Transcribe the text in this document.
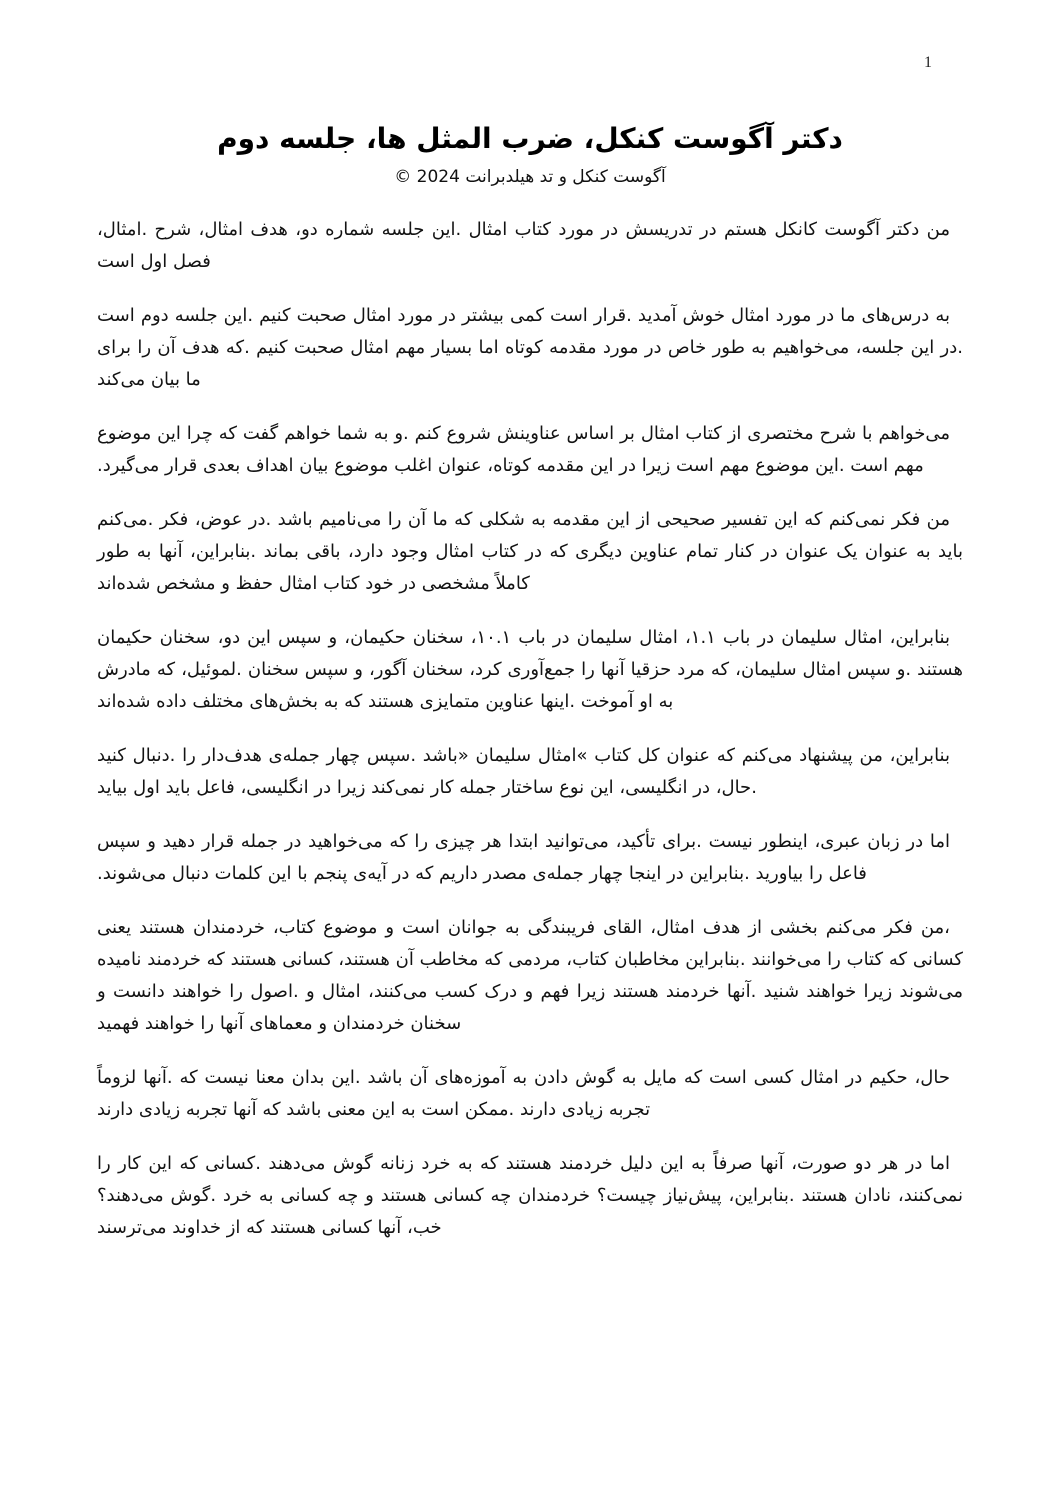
1
دکتر آگوست کنکل، ضرب المثل ها، جلسه دوم
آگوست کنکل و تد هیلدبرانت 2024 ©
من دکتر آگوست کانکل هستم در تدریسش در مورد کتاب امثال .این جلسه شماره دو، هدف امثال، شرح .امثال، فصل اول است
به درس‌های ما در مورد امثال خوش آمدید .قرار است کمی بیشتر در مورد امثال صحبت کنیم .این جلسه دوم است .در این جلسه، می‌خواهیم به طور خاص در مورد مقدمه کوتاه اما بسیار مهم امثال صحبت کنیم .که هدف آن را برای ما بیان می‌کند
می‌خواهم با شرح مختصری از کتاب امثال بر اساس عناوینش شروع کنم .و به شما خواهم گفت که چرا این موضوع مهم است .این موضوع مهم است زیرا در این مقدمه کوتاه، عنوان اغلب موضوع بیان اهداف بعدی قرار می‌گیرد.
من فکر نمی‌کنم که این تفسیر صحیحی از این مقدمه به شکلی که ما آن را می‌نامیم باشد .در عوض، فکر .می‌کنم باید به عنوان یک عنوان در کنار تمام عناوین دیگری که در کتاب امثال وجود دارد، باقی بماند .بنابراین، آنها به طور کاملاً مشخصی در خود کتاب امثال حفظ و مشخص شده‌اند
بنابراین، امثال سلیمان در باب ۱.۱، امثال سلیمان در باب ۱۰.۱، سخنان حکیمان، و سپس این دو، سخنان حکیمان هستند .و سپس امثال سلیمان، که مرد حزقیا آنها را جمع‌آوری کرد، سخنان آگور، و سپس سخنان .لموئیل، که مادرش به او آموخت .اینها عناوین متمایزی هستند که به بخش‌های مختلف داده شده‌اند
بنابراین، من پیشنهاد می‌کنم که عنوان کل کتاب »امثال سلیمان «باشد .سپس چهار جمله‌ی هدف‌دار را .دنبال کنید .حال، در انگلیسی، این نوع ساختار جمله کار نمی‌کند زیرا در انگلیسی، فاعل باید اول بیاید
اما در زبان عبری، اینطور نیست .برای تأکید، می‌توانید ابتدا هر چیزی را که می‌خواهید در جمله قرار دهید و سپس فاعل را بیاورید .بنابراین در اینجا چهار جمله‌ی مصدر داریم که در آیه‌ی پنجم با این کلمات دنبال می‌شوند.
،من فکر می‌کنم بخشی از هدف امثال، القای فریبندگی به جوانان است و موضوع کتاب، خردمندان هستند یعنی کسانی که کتاب را می‌خوانند .بنابراین مخاطبان کتاب، مردمی که مخاطب آن هستند، کسانی هستند که خردمند نامیده می‌شوند زیرا خواهند شنید .آنها خردمند هستند زیرا فهم و درک کسب می‌کنند، امثال و .اصول را خواهند دانست و سخنان خردمندان و معماهای آنها را خواهند فهمید
حال، حکیم در امثال کسی است که مایل به گوش دادن به آموزه‌های آن باشد .این بدان معنا نیست که .آنها لزوماً تجربه زیادی دارند .ممکن است به این معنی باشد که آنها تجربه زیادی دارند
اما در هر دو صورت، آنها صرفاً به این دلیل خردمند هستند که به خرد زنانه گوش می‌دهند .کسانی که این کار را نمی‌کنند، نادان هستند .بنابراین، پیش‌نیاز چیست؟ خردمندان چه کسانی هستند و چه کسانی به خرد .گوش می‌دهند؟ خب، آنها کسانی هستند که از خداوند می‌ترسند
